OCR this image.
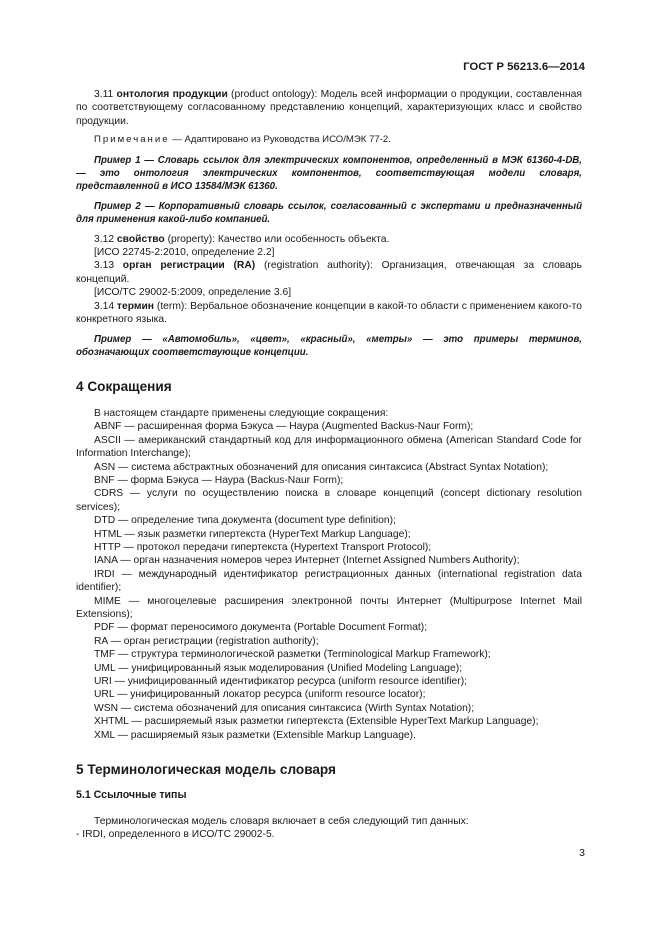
ГОСТ Р 56213.6—2014
3.11 онтология продукции (product ontology): Модель всей информации о продукции, составленная по соответствующему согласованному представлению концепций, характеризующих класс и свойство продукции.
Примечание — Адаптировано из Руководства ИСО/МЭК 77-2.
Пример 1 — Словарь ссылок для электрических компонентов, определенный в МЭК 61360-4-DB, — это онтология электрических компонентов, соответствующая модели словаря, представленной в ИСО 13584/МЭК 61360.
Пример 2 — Корпоративный словарь ссылок, согласованный с экспертами и предназначенный для применения какой-либо компанией.
3.12 свойство (property): Качество или особенность объекта.
[ИСО 22745-2:2010, определение 2.2]
3.13 орган регистрации (RA) (registration authority): Организация, отвечающая за словарь концепций.
[ИСО/ТС 29002-5:2009, определение 3.6]
3.14 термин (term): Вербальное обозначение концепции в какой-то области с применением какого-то конкретного языка.
Пример — «Автомобиль», «цвет», «красный», «метры» — это примеры терминов, обозначающих соответствующие концепции.
4 Сокращения
В настоящем стандарте применены следующие сокращения:
ABNF — расширенная форма Бэкуса — Наура (Augmented Backus-Naur Form);
ASCII — американский стандартный код для информационного обмена (American Standard Code for Information Interchange);
ASN — система абстрактных обозначений для описания синтаксиса (Abstract Syntax Notation);
BNF — форма Бэкуса — Наура (Backus-Naur Form);
CDRS — услуги по осуществлению поиска в словаре концепций (concept dictionary resolution services);
DTD — определение типа документа (document type definition);
HTML — язык разметки гипертекста (HyperText Markup Language);
HTTP — протокол передачи гипертекста (Hypertext Transport Protocol);
IANA — орган назначения номеров через Интернет (Internet Assigned Numbers Authority);
IRDI — международный идентификатор регистрационных данных (international registration data identifier);
MIME — многоцелевые расширения электронной почты Интернет (Multipurpose Internet Mail Extensions);
PDF — формат переносимого документа (Portable Document Format);
RA — орган регистрации (registration authority);
TMF — структура терминологической разметки (Terminological Markup Framework);
UML — унифицированный язык моделирования (Unified Modeling Language);
URI — унифицированный идентификатор ресурса (uniform resource identifier);
URL — унифицированный локатор ресурса (uniform resource locator);
WSN — система обозначений для описания синтаксиса (Wirth Syntax Notation);
XHTML — расширяемый язык разметки гипертекста (Extensible HyperText Markup Language);
XML — расширяемый язык разметки (Extensible Markup Language).
5 Терминологическая модель словаря
5.1 Ссылочные типы
Терминологическая модель словаря включает в себя следующий тип данных:
- IRDI, определенного в ИСО/ТС 29002-5.
3
